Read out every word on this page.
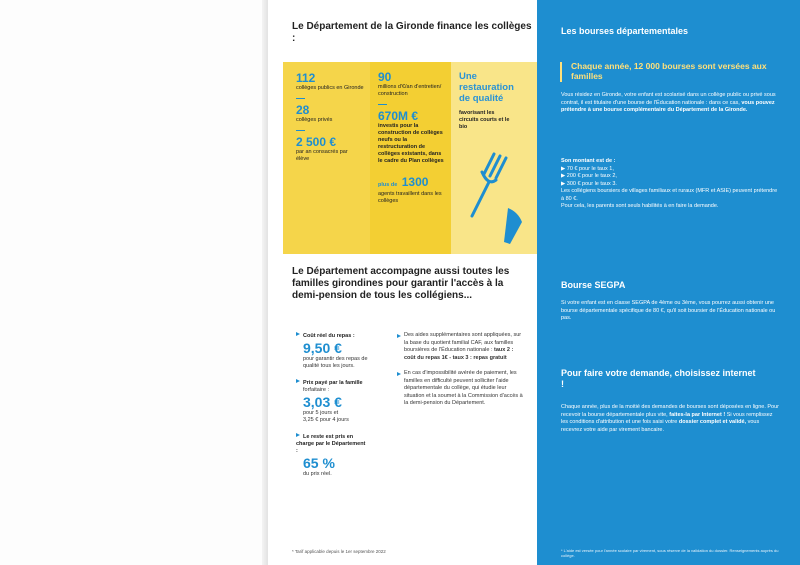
Le Département de la Gironde finance les collèges :
112
collèges publics en Gironde
28
collèges privés
2 500 €
par an consacrés par élève
90
millions d'€/an d'entretien/ construction
670M €
investis pour la construction de collèges neufs ou la restructuration de collèges existants, dans le cadre du Plan collèges
plus de 1300
agents travaillent dans les collèges
Une restauration de qualité
favorisant les circuits courts et le bio
Le Département accompagne aussi toutes les familles girondines pour garantir l'accès à la demi-pension de tous les collégiens...
Coût réel du repas :
9,50 €
pour garantir des repas de qualité tous les jours.
Prix payé par la famille
forfaitaire :
3,03 €
pour 5 jours et 3,25 € pour 4 jours
Le reste est pris en charge par le Département :
65 %
du prix réel.
Des aides supplémentaires sont appliquées, sur la base du quotient familial CAF, aux familles boursières de l'Éducation nationale : taux 2 : coût du repas 1€ - taux 3 : repas gratuit
En cas d'impossibilité avérée de paiement, les familles en difficulté peuvent solliciter l'aide départementale du collège, qui étudie leur situation et la soumet à la Commission d'accès à la demi-pension du Département.
* Tarif applicable depuis le 1er septembre 2022
Les bourses départementales
Chaque année, 12 000 bourses sont versées aux familles
Vous résidez en Gironde, votre enfant est scolarisé dans un collège public ou privé sous contrat, il est titulaire d'une bourse de l'Éducation nationale : dans ce cas, vous pouvez prétendre à une bourse complémentaire du Département de la Gironde.
Son montant est de :
▶ 70 € pour le taux 1,
▶ 200 € pour le taux 2,
▶ 300 € pour le taux 3.
Les collégiens boursiers de villages familiaux et ruraux (MFR et ASIE) peuvent prétendre à 80 €.
Pour cela, les parents sont seuls habilités à en faire la demande.
Bourse SEGPA
Si votre enfant est en classe SEGPA de 4ème ou 3ème, vous pourrez aussi obtenir une bourse départementale spécifique de 80 €, qu'il soit boursier de l'Éducation nationale ou pas.
Pour faire votre demande, choisissez internet !
Chaque année, plus de la moitié des demandes de bourses sont déposées en ligne. Pour recevoir la bourse départementale plus vite, faites-la par Internet ! Si vous remplissez les conditions d'attribution et une fois saisi votre dossier complet et validé, vous recevrez votre aide par virement bancaire.
* L'aide est versée pour l'année scolaire par virement, sous réserve de la validation du dossier. Renseignements auprès du collège.
